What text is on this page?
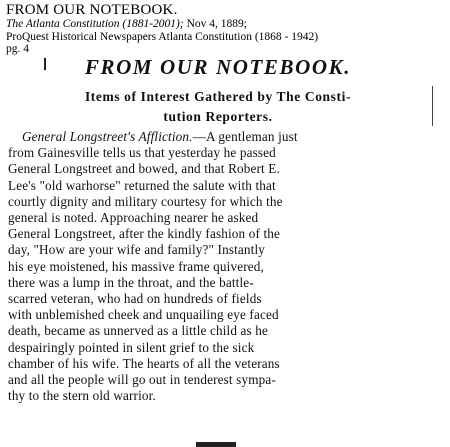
FROM OUR NOTEBOOK.
The Atlanta Constitution (1881-2001); Nov 4, 1889;
ProQuest Historical Newspapers Atlanta Constitution (1868 - 1942)
pg. 4
FROM OUR NOTEBOOK.
Items of Interest Gathered by The Consti-
tution Reporters.
General Longstreet's Affliction.—A gentleman just
from Gainesville tells us that yesterday he passed
General Longstreet and bowed, and that Robert E.
Lee's "old warhorse" returned the salute with that
courtly dignity and military courtesy for which the
general is noted. Approaching nearer he asked
General Longstreet, after the kindly fashion of the
day, "How are your wife and family?" Instantly
his eye moistened, his massive frame quivered,
there was a lump in the throat, and the battle-
scarred veteran, who had on hundreds of fields
with unblemished cheek and unquailing eye faced
death, became as unnerved as a little child as he
despairingly pointed in silent grief to the sick
chamber of his wife. The hearts of all the veterans
and all the people will go out in tenderest sympa-
thy to the stern old warrior.
